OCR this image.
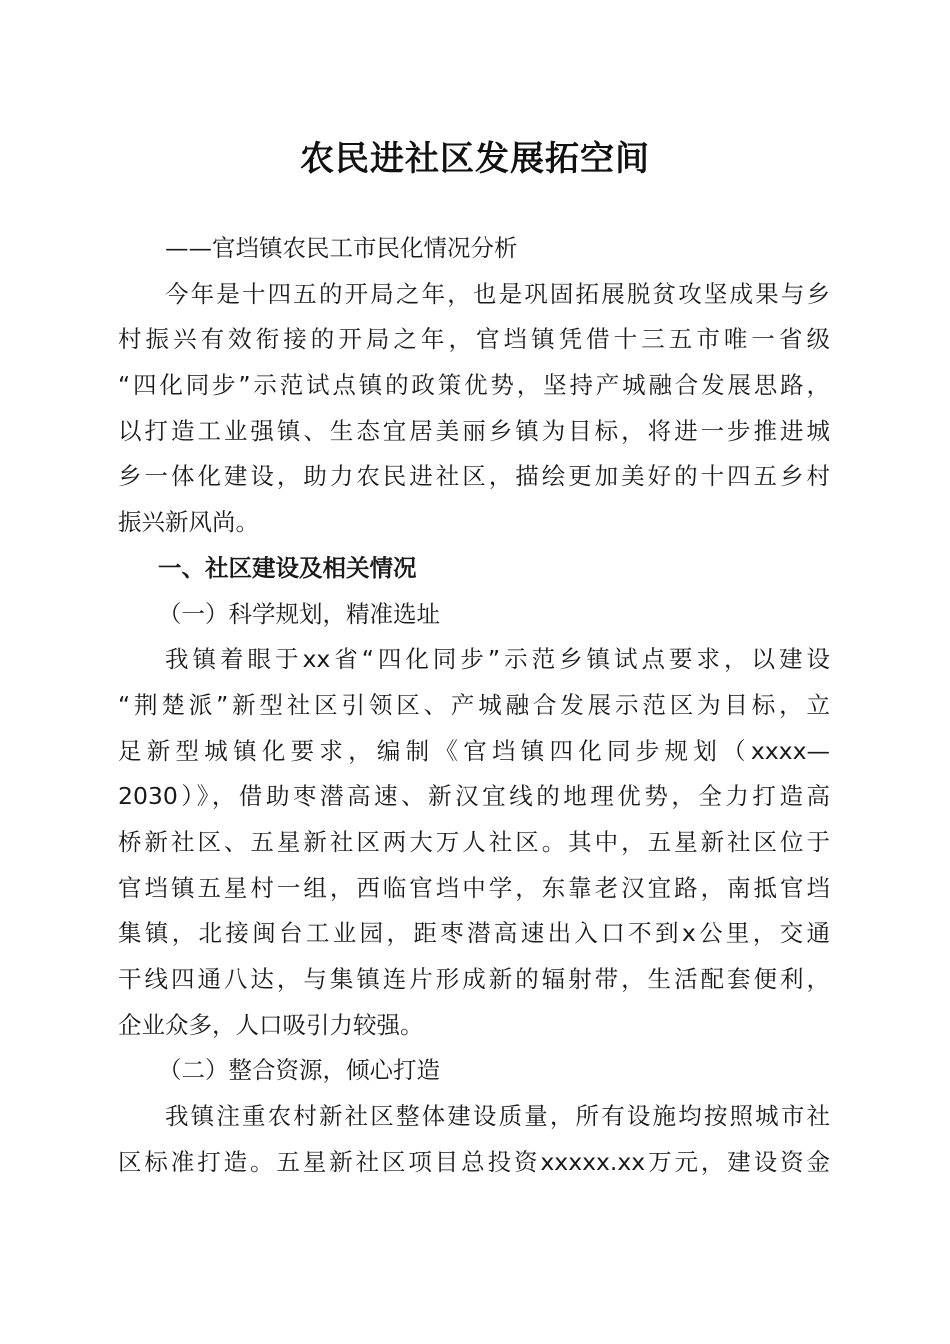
农民进社区发展拓空间
——官垱镇农民工市民化情况分析
今年是十四五的开局之年，也是巩固拓展脱贫攻坚成果与乡
村振兴有效衔接的开局之年，官垱镇凭借十三五市唯一省级
“四化同步”示范试点镇的政策优势，坚持产城融合发展思路，
以打造工业强镇、生态宜居美丽乡镇为目标，将进一步推进城
乡一体化建设，助力农民进社区，描绘更加美好的十四五乡村
振兴新风尚。
一、社区建设及相关情况
（一）科学规划，精准选址
我镇着眼于xx省“四化同步”示范乡镇试点要求，以建设
“荆楚派”新型社区引领区、产城融合发展示范区为目标，立
足新型城镇化要求，编制《官垱镇四化同步规划（xxxx—
2030）》，借助枣潜高速、新汉宜线的地理优势，全力打造高
桥新社区、五星新社区两大万人社区。其中，五星新社区位于
官垱镇五星村一组，西临官垱中学，东靠老汉宜路，南抵官垱
集镇，北接闽台工业园，距枣潜高速出入口不到x公里，交通
干线四通八达，与集镇连片形成新的辐射带，生活配套便利，
企业众多，人口吸引力较强。
（二）整合资源，倾心打造
我镇注重农村新社区整体建设质量，所有设施均按照城市社
区标准打造。五星新社区项目总投资xxxxx.xx万元，建设资金
